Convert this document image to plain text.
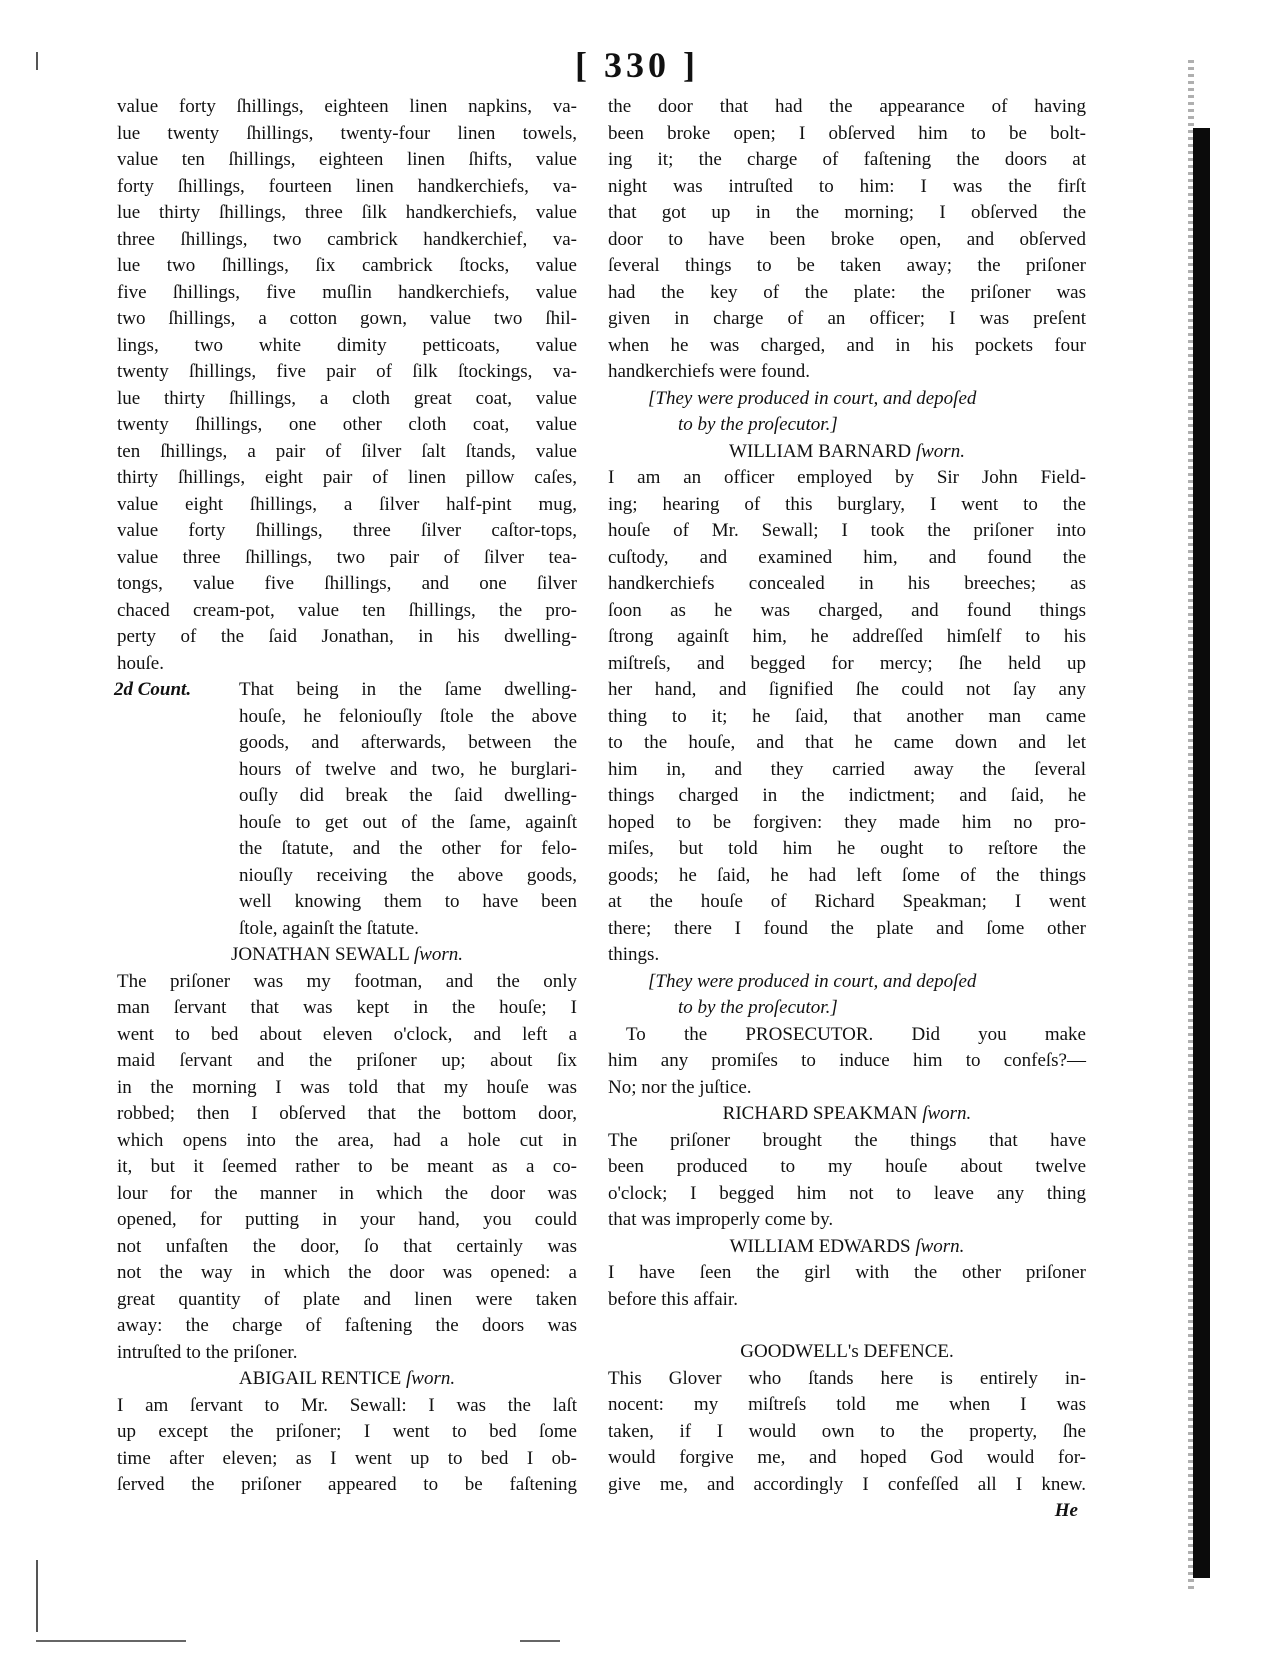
[ 330 ]
value forty ſhillings, eighteen linen napkins, va-
lue twenty ſhillings, twenty-four linen towels,
value ten ſhillings, eighteen linen ſhifts, value
forty ſhillings, fourteen linen handkerchiefs, va-
lue thirty ſhillings, three ſilk handkerchiefs, value
three ſhillings, two cambrick handkerchief, va-
lue two ſhillings, ſix cambrick ſtocks, value
five ſhillings, five muſlin handkerchiefs, value
two ſhillings, a cotton gown, value two ſhil-
lings, two white dimity petticoats, value
twenty ſhillings, five pair of ſilk ſtockings, va-
lue thirty ſhillings, a cloth great coat, value
twenty ſhillings, one other cloth coat, value
ten ſhillings, a pair of ſilver ſalt ſtands, value
thirty ſhillings, eight pair of linen pillow caſes,
value eight ſhillings, a ſilver half-pint mug,
value forty ſhillings, three ſilver caſtor-tops,
value three ſhillings, two pair of ſilver tea-
tongs, value five ſhillings, and one ſilver
chaced cream-pot, value ten ſhillings, the pro-
perty of the ſaid Jonathan, in his dwelling-
houſe.
2d Count.	That being in the ſame dwelling-
houſe, he feloniouſly ſtole the above
goods, and afterwards, between the
hours of twelve and two, he burglari-
ouſly did break the ſaid dwelling-
houſe to get out of the ſame, againſt
the ſtatute, and the other for felo-
niouſly receiving the above goods,
well knowing them to have been
ſtole, againſt the ſtatute.
JONATHAN SEWALL ſworn.
The priſoner was my footman, and the only
man ſervant that was kept in the houſe; I
went to bed about eleven o'clock, and left a
maid ſervant and the priſoner up; about ſix
in the morning I was told that my houſe was
robbed; then I obſerved that the bottom door,
which opens into the area, had a hole cut in
it, but it ſeemed rather to be meant as a co-
lour for the manner in which the door was
opened, for putting in your hand, you could
not unfaſten the door, ſo that certainly was
not the way in which the door was opened: a
great quantity of plate and linen were taken
away: the charge of faſtening the doors was
intruſted to the priſoner.
ABIGAIL RENTICE ſworn.
I am ſervant to Mr. Sewall: I was the laſt
up except the priſoner; I went to bed ſome
time after eleven; as I went up to bed I ob-
ſerved the priſoner appeared to be faſtening
the door that had the appearance of having
been broke open; I obſerved him to be bolt-
ing it; the charge of faſtening the doors at
night was intruſted to him: I was the firſt
that got up in the morning; I obſerved the
door to have been broke open, and obſerved
ſeveral things to be taken away; the priſoner
had the key of the plate: the priſoner was
given in charge of an officer; I was preſent
when he was charged, and in his pockets four
handkerchiefs were found.
[They were produced in court, and depoſed
to by the proſecutor.]
WILLIAM BARNARD ſworn.
I am an officer employed by Sir John Field-
ing; hearing of this burglary, I went to the
houſe of Mr. Sewall; I took the priſoner into
cuſtody, and examined him, and found the
handkerchiefs concealed in his breeches; as
ſoon as he was charged, and found things
ſtrong againſt him, he addreſſed himſelf to his
miſtreſs, and begged for mercy; ſhe held up
her hand, and ſignified ſhe could not ſay any
thing to it; he ſaid, that another man came
to the houſe, and that he came down and let
him in, and they carried away the ſeveral
things charged in the indictment; and ſaid, he
hoped to be forgiven: they made him no pro-
miſes, but told him he ought to reſtore the
goods; he ſaid, he had left ſome of the things
at the houſe of Richard Speakman; I went
there; there I found the plate and ſome other
things.
[They were produced in court, and depoſed
to by the proſecutor.]
To the PROSECUTOR. Did you make
him any promiſes to induce him to confeſs?—
No; nor the juſtice.
RICHARD SPEAKMAN ſworn.
The priſoner brought the things that have
been produced to my houſe about twelve
o'clock; I begged him not to leave any thing
that was improperly come by.
WILLIAM EDWARDS ſworn.
I have ſeen the girl with the other priſoner
before this affair.
GOODWELL's DEFENCE.
This Glover who ſtands here is entirely in-
nocent: my miſtreſs told me when I was
taken, if I would own to the property, ſhe
would forgive me, and hoped God would for-
give me, and accordingly I confeſſed all I knew.
He
